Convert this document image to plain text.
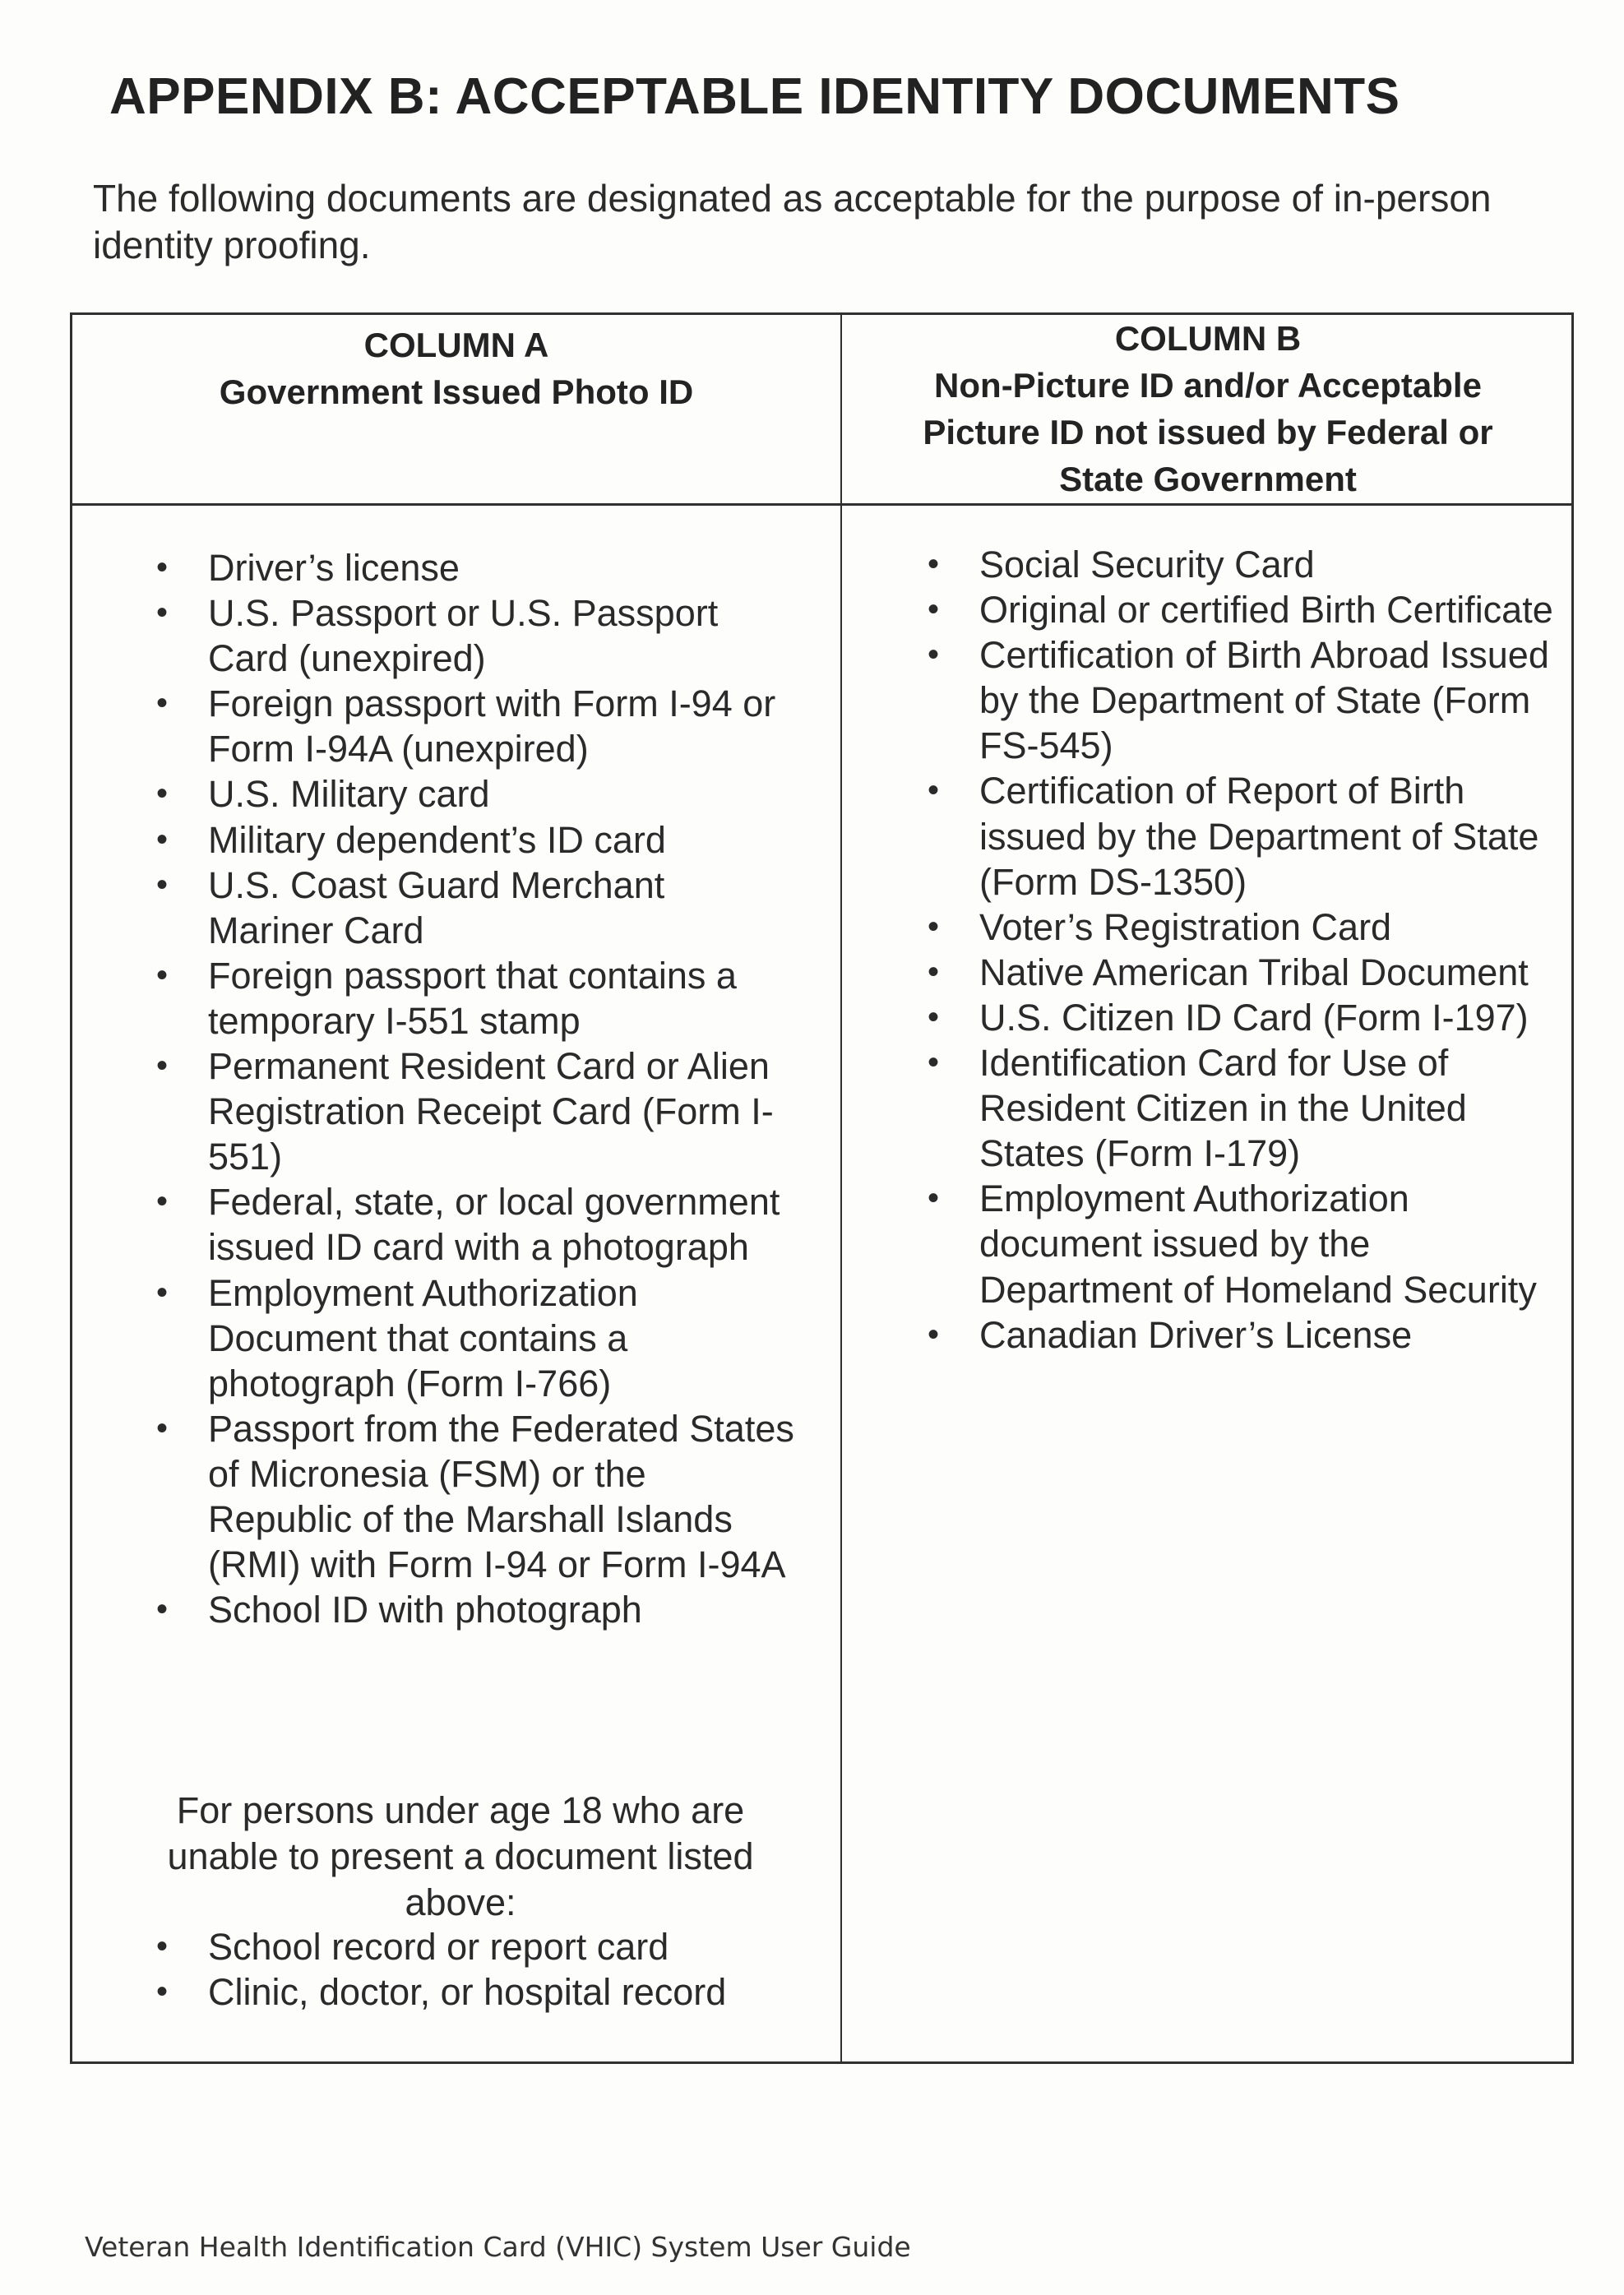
APPENDIX B: ACCEPTABLE IDENTITY DOCUMENTS

The following documents are designated as acceptable for the purpose of in-person identity proofing.

COLUMN A
Government Issued Photo ID
COLUMN B
Non-Picture ID and/or Acceptable
Picture ID not issued by Federal or
State Government
• Driver’s license
• U.S. Passport or U.S. Passport Card (unexpired)
• Foreign passport with Form I-94 or Form I-94A (unexpired)
• U.S. Military card
• Military dependent’s ID card
• U.S. Coast Guard Merchant Mariner Card
• Foreign passport that contains a temporary I-551 stamp
• Permanent Resident Card or Alien Registration Receipt Card (Form I-551)
• Federal, state, or local government issued ID card with a photograph
• Employment Authorization Document that contains a photograph (Form I-766)
• Passport from the Federated States of Micronesia (FSM) or the Republic of the Marshall Islands (RMI) with Form I-94 or Form I-94A
• School ID with photograph

For persons under age 18 who are unable to present a document listed above:

• School record or report card
• Clinic, doctor, or hospital record
• Social Security Card
• Original or certified Birth Certificate
• Certification of Birth Abroad Issued by the Department of State (Form FS-545)
• Certification of Report of Birth issued by the Department of State (Form DS-1350)
• Voter’s Registration Card
• Native American Tribal Document
• U.S. Citizen ID Card (Form I-197)
• Identification Card for Use of Resident Citizen in the United States (Form I-179)
• Employment Authorization document issued by the Department of Homeland Security
• Canadian Driver’s License
Veteran Health Identification Card (VHIC) System User Guide
